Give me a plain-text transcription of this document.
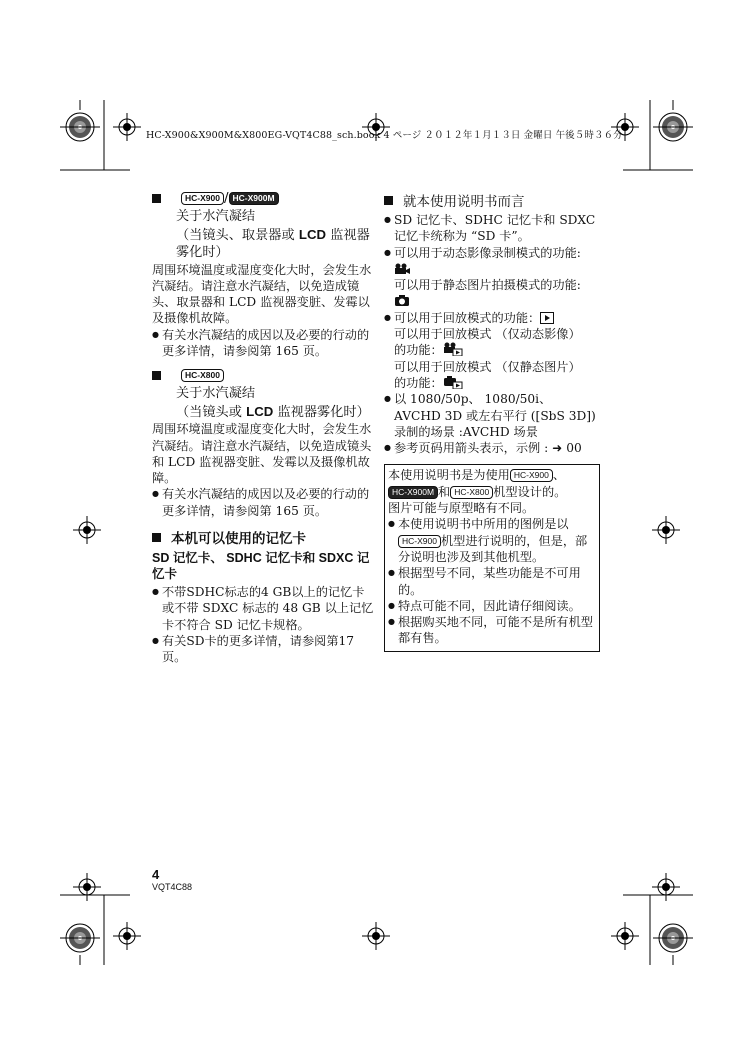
HC-X900&X900M&X800EG-VQT4C88_sch.book 4 ページ ２０１２年１月１３日 金曜日 午後５時３６分
HC-X900 / HC-X900M
关于水汽凝结
（当镜头、取景器或 LCD 监视器雾化时）
周围环境温度或湿度变化大时，会发生水汽凝结。请注意水汽凝结，以免造成镜头、取景器和 LCD 监视器变脏、发霉以及摄像机故障。
● 有关水汽凝结的成因以及必要的行动的更多详情，请参阅第 165 页。
HC-X800
关于水汽凝结
（当镜头或 LCD 监视器雾化时）
周围环境温度或湿度变化大时，会发生水汽凝结。请注意水汽凝结，以免造成镜头和 LCD 监视器变脏、发霉以及摄像机故障。
● 有关水汽凝结的成因以及必要的行动的更多详情，请参阅第 165 页。
本机可以使用的记忆卡
SD 记忆卡、 SDHC 记忆卡和 SDXC 记忆卡
● 不带SDHC标志的4 GB以上的记忆卡或不带 SDXC 标志的 48 GB 以上记忆卡不符合 SD 记忆卡规格。
● 有关SD卡的更多详情，请参阅第17页。
就本使用说明书而言
● SD 记忆卡、SDHC 记忆卡和 SDXC 记忆卡统称为 “SD 卡”。
● 可以用于动态影像录制模式的功能:
可以用于静态图片拍摄模式的功能:
● 可以用于回放模式的功能：
可以用于回放模式 （仅动态影像）
的功能：
可以用于回放模式 （仅静态图片）
的功能：
● 以 1080/50p、 1080/50i、 AVCHD 3D 或左右平行 ([SbS 3D]) 录制的场景 :AVCHD 场景
● 参考页码用箭头表示，示例 : ➜ 00
本使用说明书是为使用 HC-X900 、
HC-X900M 和 HC-X800 机型设计的。
图片可能与原型略有不同。
● 本使用说明书中所用的图例是以HC-X900 机型进行说明的，但是，部分说明也涉及到其他机型。
● 根据型号不同，某些功能是不可用的。
● 特点可能不同，因此请仔细阅读。
● 根据购买地不同，可能不是所有机型都有售。
4
VQT4C88
